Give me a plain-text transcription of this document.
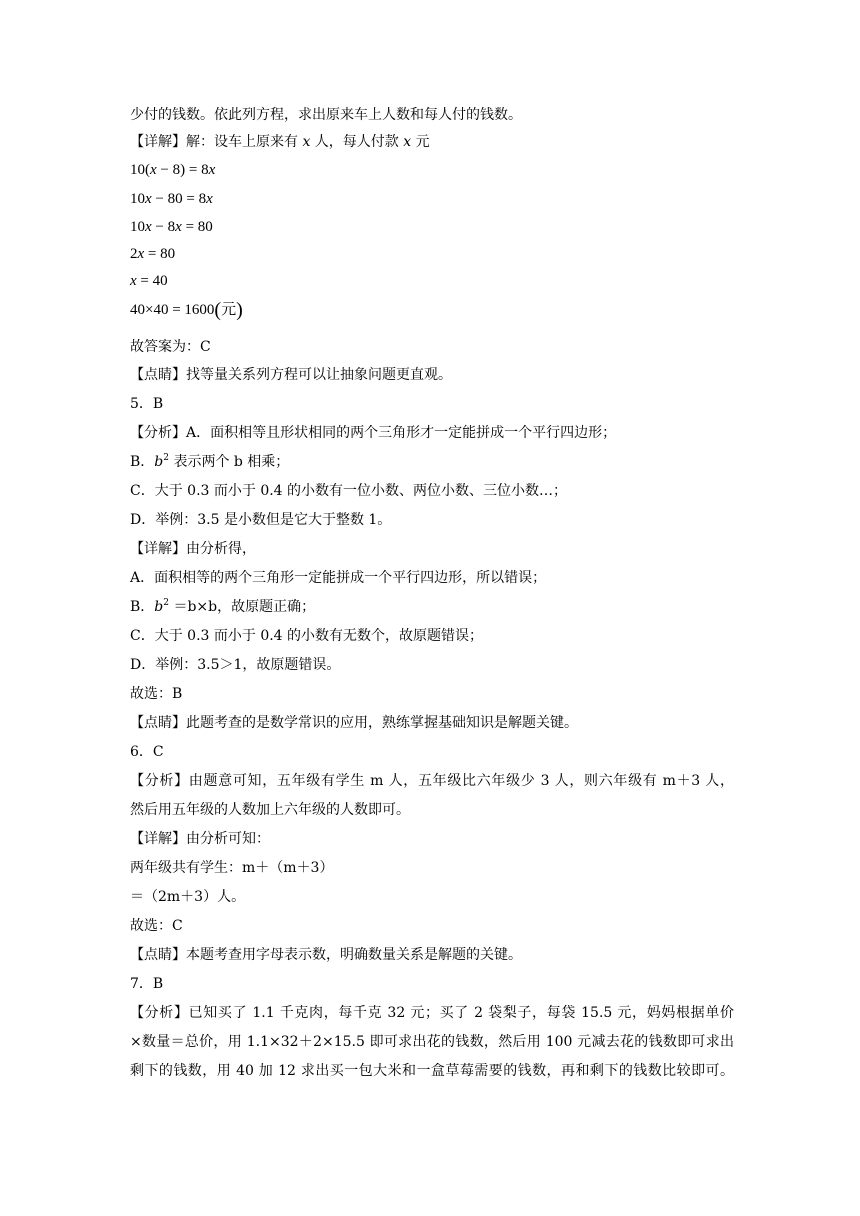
少付的钱数。依此列方程，求出原来车上人数和每人付的钱数。
【详解】解：设车上原来有 x 人，每人付款 x 元
10(x − 8) = 8x
10x − 80 = 8x
10x − 8x = 80
2x = 80
x = 40
40×40 = 1600(元)
故答案为：C
【点睛】找等量关系列方程可以让抽象问题更直观。
5．B
【分析】A．面积相等且形状相同的两个三角形才一定能拼成一个平行四边形；
B．$b^2$ 表示两个 b 相乘；
C．大于 0.3 而小于 0.4 的小数有一位小数、两位小数、三位小数…；
D．举例：3.5 是小数但是它大于整数 1。
【详解】由分析得，
A．面积相等的两个三角形一定能拼成一个平行四边形，所以错误；
B．$b^2 =b\times b$，故原题正确；
C．大于 0.3 而小于 0.4 的小数有无数个，故原题错误；
D．举例：3.5＞1，故原题错误。
故选：B
【点睛】此题考查的是数学常识的应用，熟练掌握基础知识是解题关键。
6．C
【分析】由题意可知，五年级有学生 m 人，五年级比六年级少 3 人，则六年级有 m＋3 人，
然后用五年级的人数加上六年级的人数即可。
【详解】由分析可知：
两年级共有学生：m＋（m＋3）
＝（2m＋3）人。
故选：C
【点睛】本题考查用字母表示数，明确数量关系是解题的关键。
7．B
【分析】已知买了 1.1 千克肉，每千克 32 元；买了 2 袋梨子，每袋 15.5 元，妈妈根据单价
×数量＝总价，用 1.1×32＋2×15.5 即可求出花的钱数，然后用 100 元减去花的钱数即可求出
剩下的钱数，用 40 加 12 求出买一包大米和一盒草莓需要的钱数，再和剩下的钱数比较即可。
